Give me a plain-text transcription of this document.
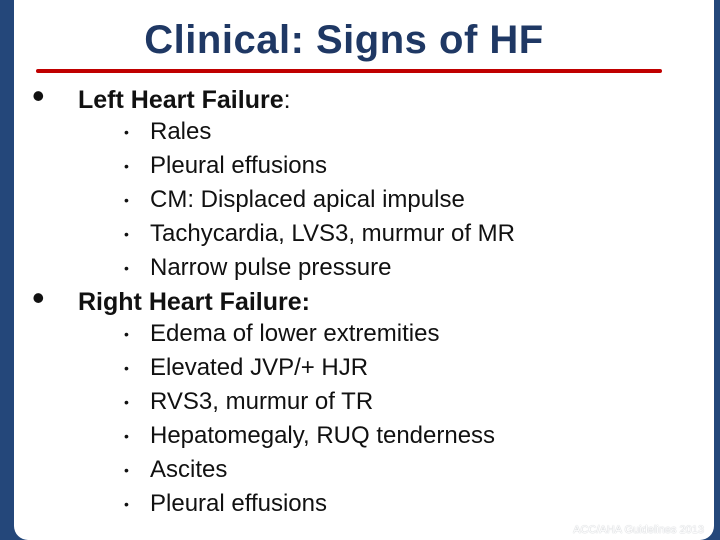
Clinical: Signs of HF
• Left Heart Failure:
• Rales
• Pleural effusions
• CM: Displaced apical impulse
• Tachycardia, LVS3, murmur of MR
• Narrow pulse pressure
• Right Heart Failure:
• Edema of lower extremities
• Elevated JVP/+ HJR
• RVS3, murmur of TR
• Hepatomegaly, RUQ tenderness
• Ascites
• Pleural effusions
ACC/AHA Guidelines 2013
